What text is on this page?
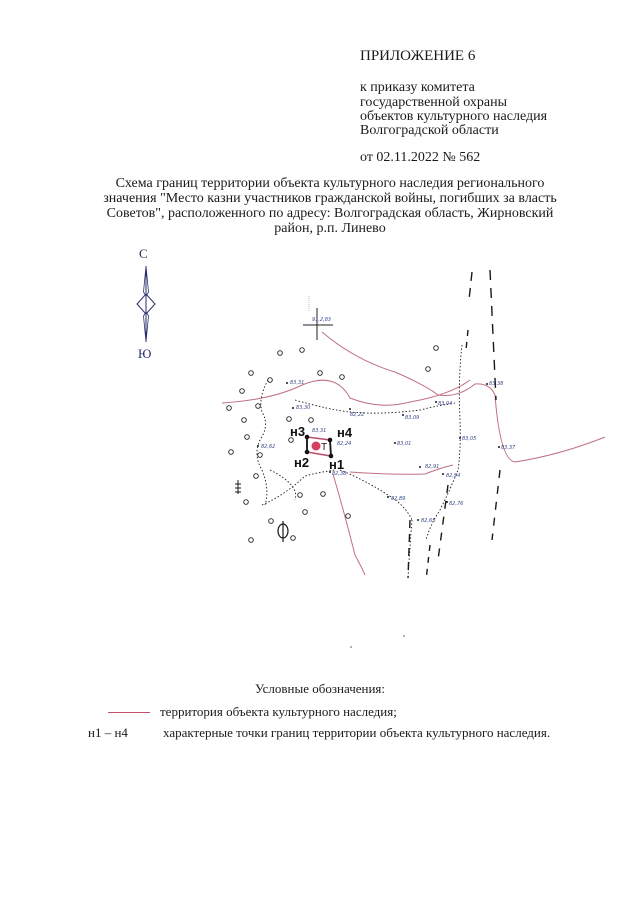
ПРИЛОЖЕНИЕ 6
к приказу комитета
государственной охраны
объектов культурного наследия
Волгоградской области
от 02.11.2022 № 562
Схема границ территории объекта культурного наследия регионального
значения "Место казни участников гражданской войны, погибших за власть
Советов", расположенного по адресу: Волгоградская область, Жирновский
район, р.п. Линево
С
Ю
83,31
83,30
82,22	83,09
83,04
83,38
82,62
83,31
82,24	83,01
83,05
83,37
82,91
82,94
82,38
82,89
82,76
82,65
91,2,83
Т
н1
н2
н3 н4
Условные обозначения:
территория объекта культурного наследия;
н1 – н4	характерные точки границ территории объекта культурного наследия.
